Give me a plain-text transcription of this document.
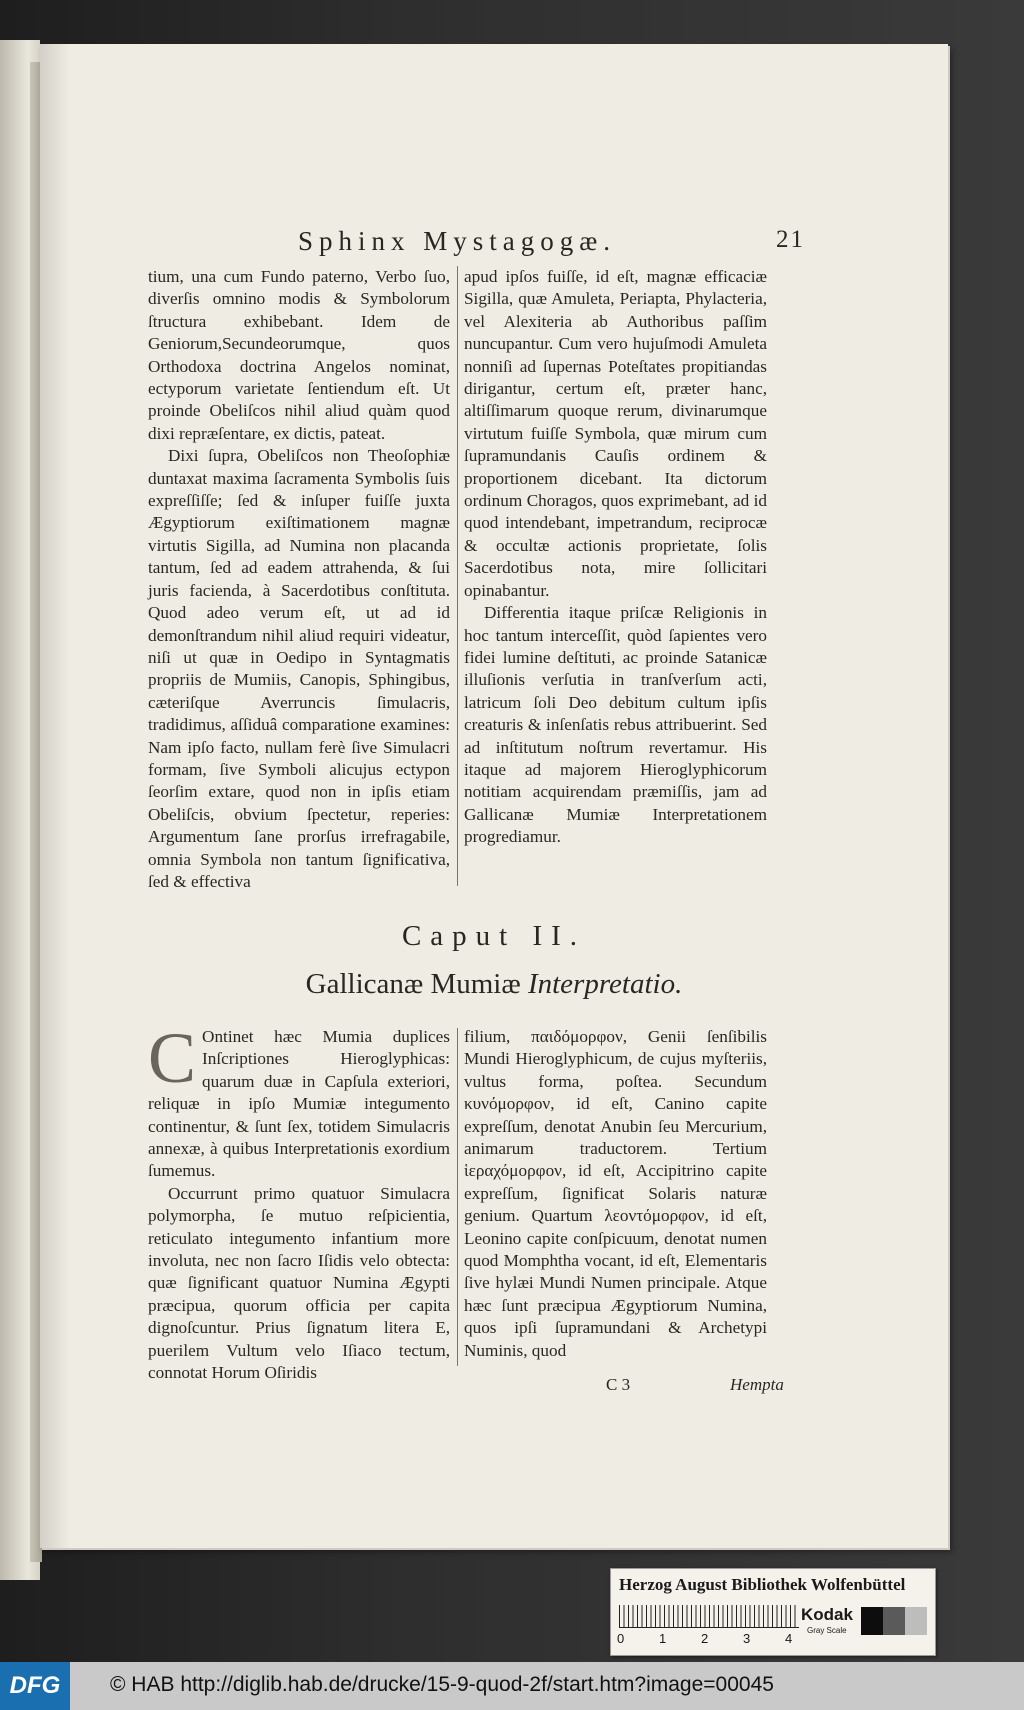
Sphinx Mystagogæ.	21

tium, una cum Fundo paterno, Verbo ſuo, diverſis omnino modis & Symbolorum ſtructura exhibebant. Idem de Geniorum,Secundeorumque, quos Orthodoxa doctrina Angelos nominat, ectyporum varietate ſentiendum eſt. Ut proinde Obeliſcos nihil aliud quàm quod dixi repræſentare, ex dictis, pateat.

Dixi ſupra, Obeliſcos non Theoſophiæ duntaxat maxima ſacramenta Symbolis ſuis expreſſiſſe; ſed & inſuper fuiſſe juxta Ægyptiorum exiſtimationem magnæ virtutis Sigilla, ad Numina non placanda tantum, ſed ad eadem attrahenda, & ſui juris facienda, à Sacerdotibus conſtituta. Quod adeo verum eſt, ut ad id demonſtrandum nihil aliud requiri videatur, niſi ut quæ in Oedipo in Syntagmatis propriis de Mumiis, Canopis, Sphingibus, cæteriſque Averruncis ſimulacris, tradidimus, aſſiduâ comparatione examines: Nam ipſo facto, nullam ferè ſive Simulacri formam, ſive Symboli alicujus ectypon ſeorſim extare, quod non in ipſis etiam Obeliſcis, obvium ſpectetur, reperies: Argumentum ſane prorſus irrefragabile, omnia Symbola non tantum ſignificativa, ſed & effectiva

apud ipſos fuiſſe, id eſt, magnæ efficaciæ Sigilla, quæ Amuleta, Periapta, Phylacteria, vel Alexiteria ab Authoribus paſſim nuncupantur. Cum vero hujuſmodi Amuleta nonniſi ad ſupernas Poteſtates propitiandas dirigantur, certum eſt, præter hanc, altiſſimarum quoque rerum, divinarumque virtutum fuiſſe Symbola, quæ mirum cum ſupramundanis Cauſis ordinem & proportionem dicebant. Ita dictorum ordinum Choragos, quos exprimebant, ad id quod intendebant, impetrandum, reciprocæ & occultæ actionis proprietate, ſolis Sacerdotibus nota, mire ſollicitari opinabantur.

Differentia itaque priſcæ Religionis in hoc tantum interceſſit, quòd ſapientes vero fidei lumine deſtituti, ac proinde Satanicæ illuſionis verſutia in tranſverſum acti, latricum ſoli Deo debitum cultum ipſis creaturis & inſenſatis rebus attribuerint. Sed ad inſtitutum noſtrum revertamur. His itaque ad majorem Hieroglyphicorum notitiam acquirendam præmiſſis, jam ad Gallicanæ Mumiæ Interpretationem progrediamur.

Caput II.
Gallicanæ Mumiæ Interpretatio.

C Ontinet hæc Mumia duplices Inſcriptiones Hieroglyphicas: quarum duæ in Capſula exteriori, reliquæ in ipſo Mumiæ integumento continentur, & ſunt ſex, totidem Simulacris annexæ, à quibus Interpretationis exordium ſumemus.

Occurrunt primo quatuor Simulacra polymorpha, ſe mutuo reſpicientia, reticulato integumento infantium more involuta, nec non ſacro Iſidis velo obtecta: quæ ſignificant quatuor Numina Ægypti præcipua, quorum officia per capita dignoſcuntur. Prius ſignatum litera E, puerilem Vultum velo Iſiaco tectum, connotat Horum Oſiridis

filium, παιδόμορφον, Genii ſenſibilis Mundi Hieroglyphicum, de cujus myſteriis, vultus forma, poſtea. Secundum κυνόμορφον, id eſt, Canino capite expreſſum, denotat Anubin ſeu Mercurium, animarum traductorem. Tertium ἱεραχόμορφον, id eſt, Accipitrino capite expreſſum, ſignificat Solaris naturæ genium. Quartum λεοντόμορφον, id eſt, Leonino capite conſpicuum, denotat numen quod Momphtha vocant, id eſt, Elementaris ſive hylæi Mundi Numen principale. Atque hæc ſunt præcipua Ægyptiorum Numina, quos ipſi ſupramundani & Archetypi Numinis, quod

C 3	Hempta
Herzog August Bibliothek Wolfenbüttel
0	1	2	3	4
Kodak
Gray Scale
DFG	© HAB http://diglib.hab.de/drucke/15-9-quod-2f/start.htm?image=00045
